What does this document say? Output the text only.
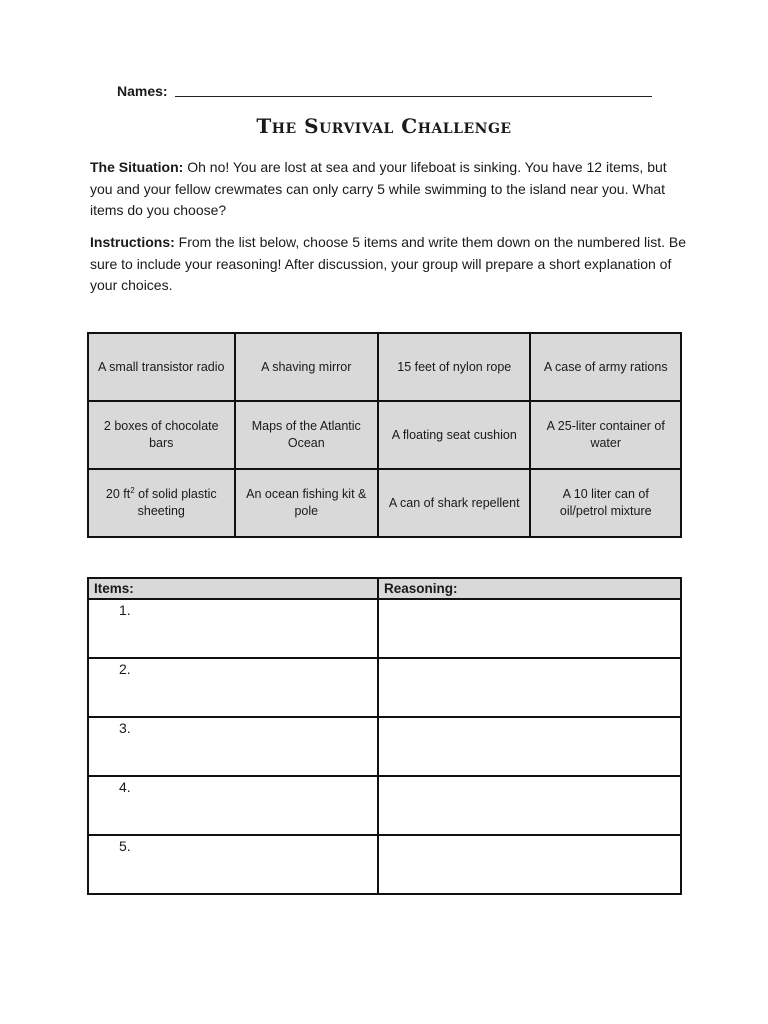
Names:
The Survival Challenge
The Situation: Oh no! You are lost at sea and your lifeboat is sinking. You have 12 items, but you and your fellow crewmates can only carry 5 while swimming to the island near you. What items do you choose?
Instructions: From the list below, choose 5 items and write them down on the numbered list. Be sure to include your reasoning! After discussion, your group will prepare a short explanation of your choices.
A small transistor radio	A shaving mirror	15 feet of nylon rope	A case of army rations
2 boxes of chocolate bars	Maps of the Atlantic Ocean	A floating seat cushion	A 25-liter container of water
20 $ft^2$ of solid plastic sheeting	An ocean fishing kit & pole	A can of shark repellent	A 10 liter can of oil/petrol mixture
Items:	Reasoning:
1.	
2.	
3.	
4.	
5.	
